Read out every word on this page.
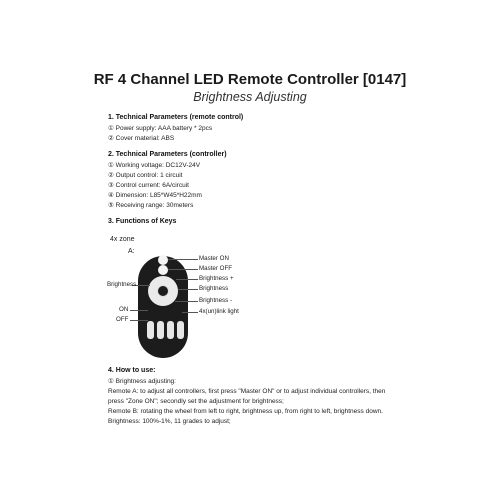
RF 4 Channel LED Remote Controller [0147]
Brightness Adjusting
1. Technical Parameters (remote control)
① Power supply: AAA battery * 2pcs
② Cover material: ABS
2. Technical Parameters (controller)
① Working voltage: DC12V-24V
② Output control: 1 circuit
③ Control current: 6A/circuit
④ Dimension: L85*W45*H22mm
⑤ Receiving range: 30meters
3. Functions of Keys
4x zone
A:
Master ON
Master OFF
Brightness +
Brightness
Brightness -
4x(un)link light
Brightness +
ON
OFF
4. How to use:
① Brightness adjusting:
Remote A: to adjust all controllers, first press "Master ON" or to adjust individual controllers, then
press "Zone ON"; secondly set the adjustment for brightness;
Remote B: rotating the wheel from left to right, brightness up, from right to left, brightness down.
Brightness: 100%-1%, 11 grades to adjust;
